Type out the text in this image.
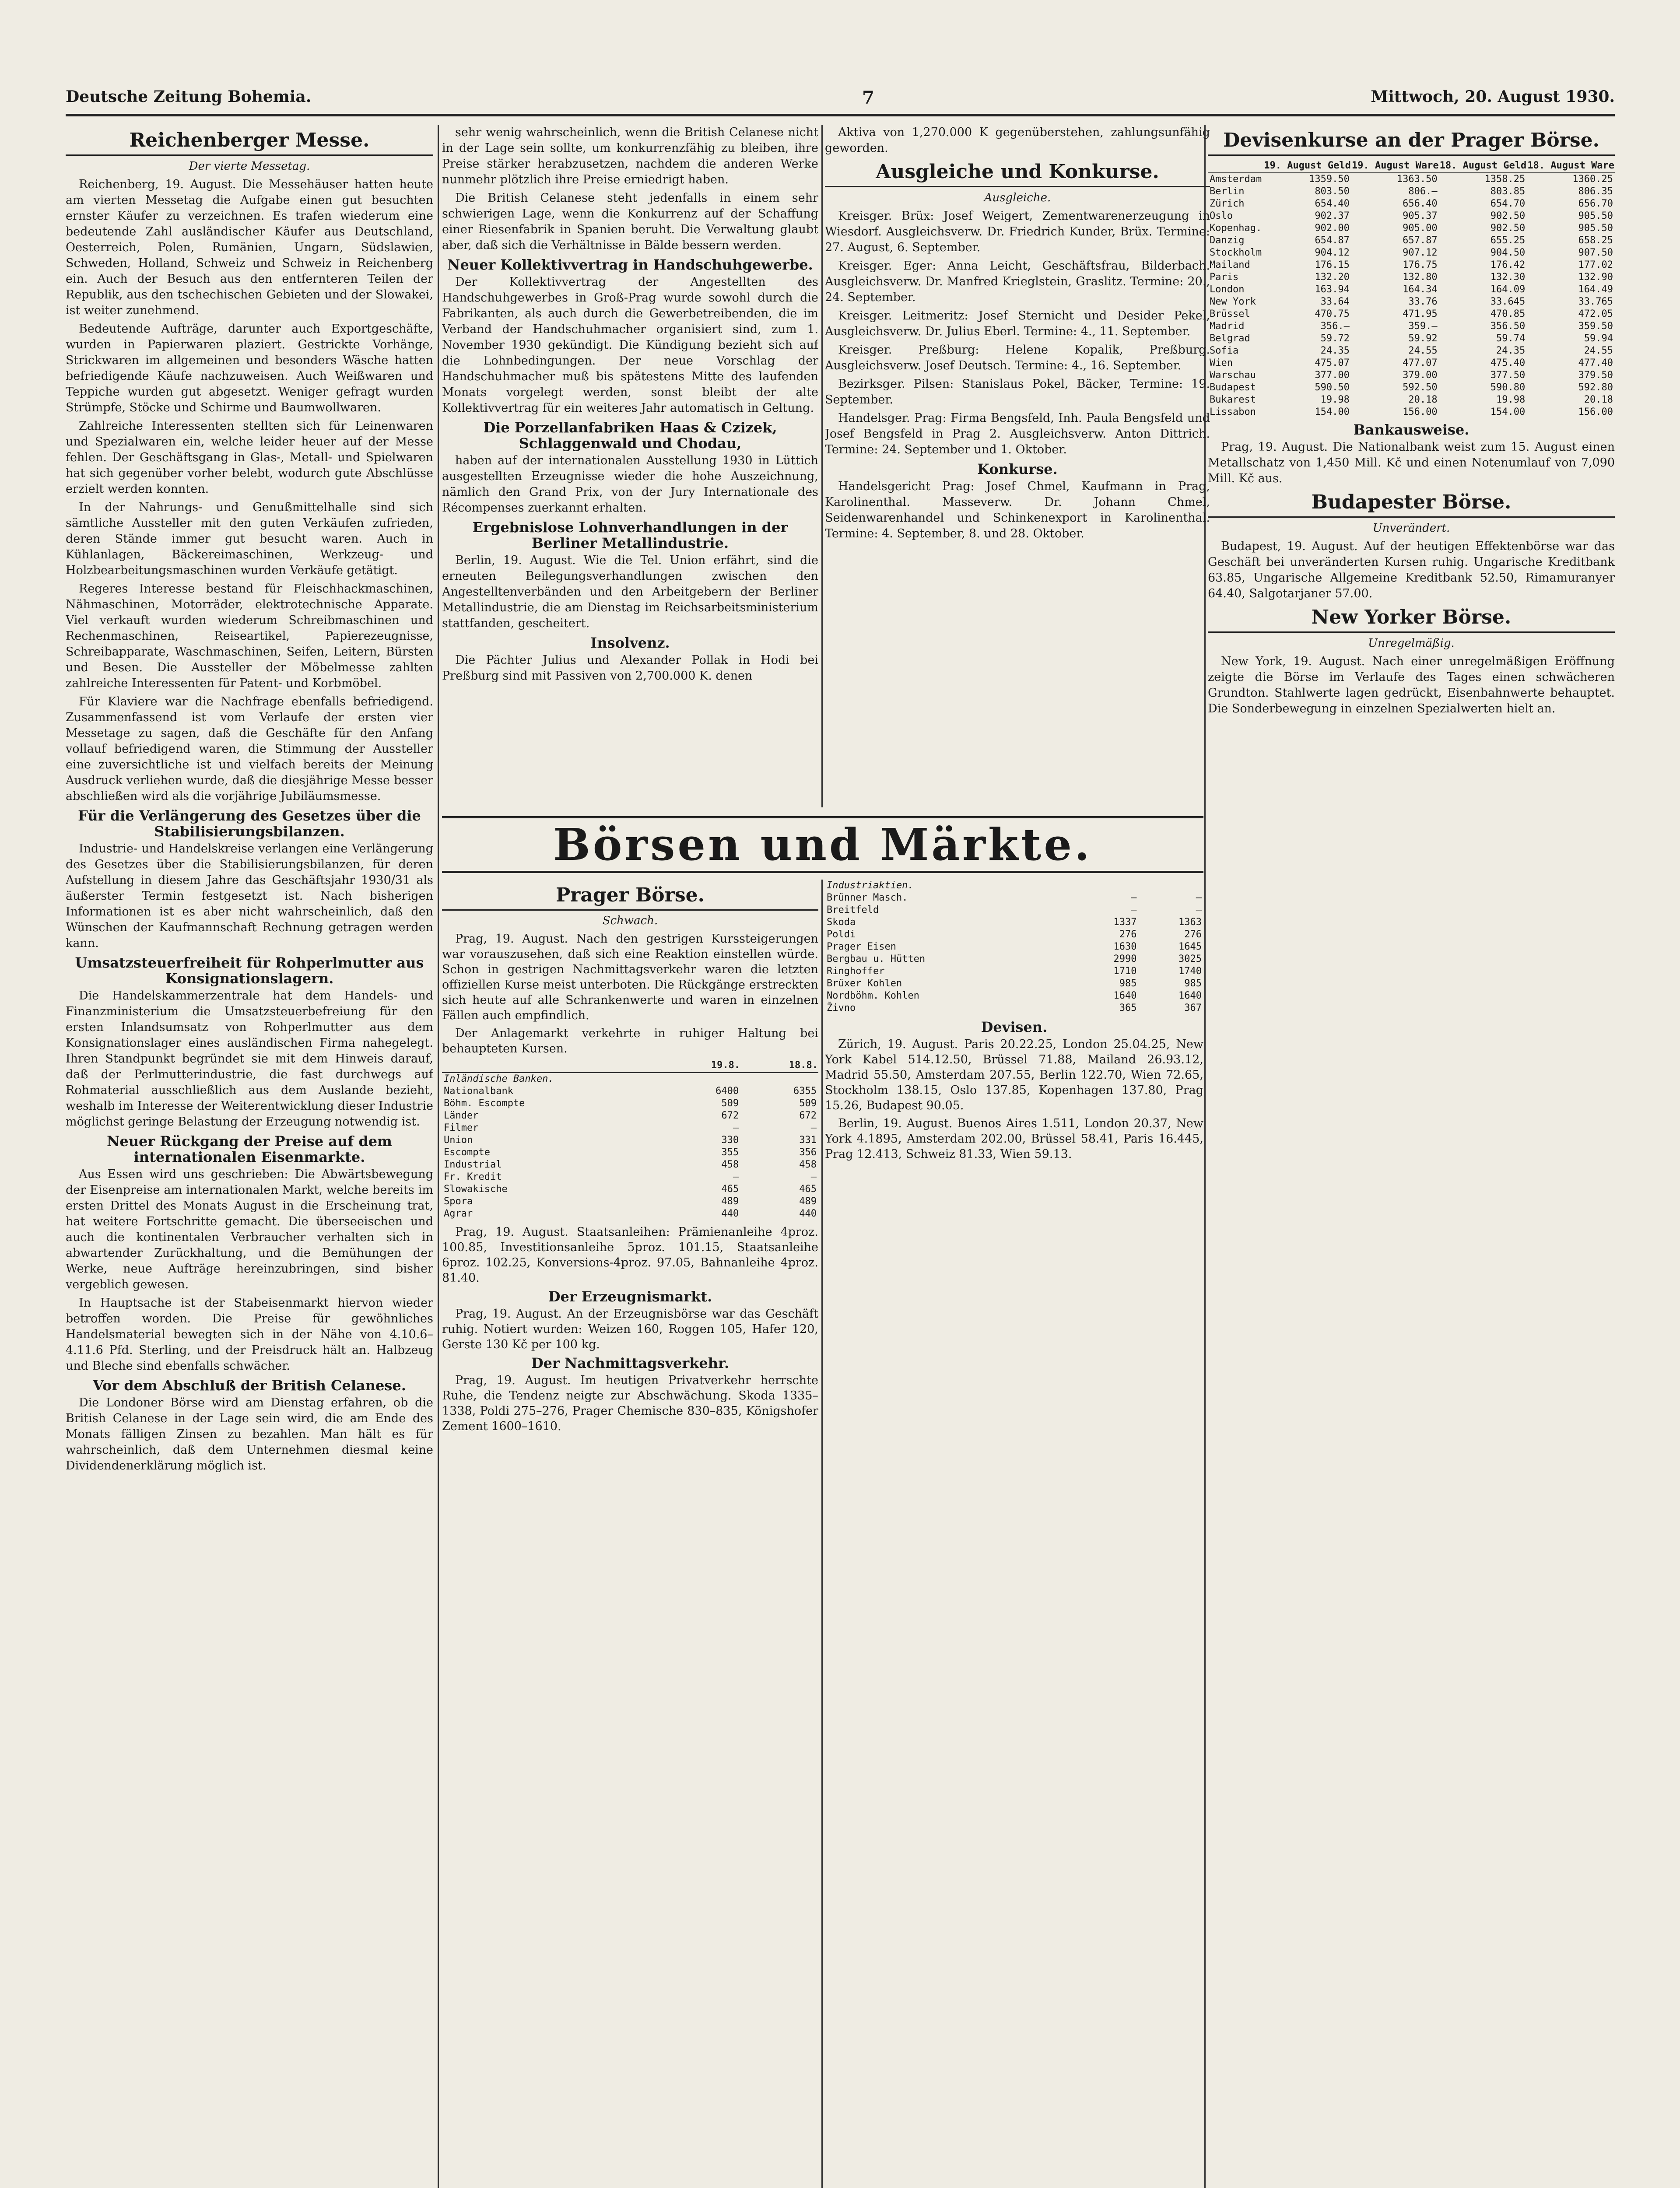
Deutsche Zeitung Bohemia.	7	Mittwoch, 20. August 1930.
Reichenberger Messe.
Der vierte Messetag.

Reichenberg, 19. August. Die Messehäuser hatten heute am vierten Messetag die Aufgabe einen gut besuchten ernster Käufer zu verzeichnen. Es trafen wiederum eine bedeutende Zahl ausländischer Käufer aus Deutschland, Oesterreich, Polen, Rumänien, Ungarn, Südslawien, Schweden, Holland, Schweiz und Schweiz in Reichenberg ein. Auch der Besuch aus den entfernteren Teilen der Republik, aus den tschechischen Gebieten und der Slowakei, ist weiter zunehmend.

Bedeutende Aufträge, darunter auch Exportgeschäfte, wurden in Papierwaren plaziert. Gestrickte Vorhänge, Strickwaren im allgemeinen und besonders Wäsche hatten befriedigende Käufe nachzuweisen. Auch Weißwaren und Teppiche wurden gut abgesetzt. Weniger gefragt wurden Strümpfe, Stöcke und Schirme und Baumwollwaren.

Zahlreiche Interessenten stellten sich für Leinenwaren und Spezialwaren ein, welche leider heuer auf der Messe fehlen. Der Geschäftsgang in Glas-, Metall- und Spielwaren hat sich gegenüber vorher belebt, wodurch gute Abschlüsse erzielt werden konnten.

In der Nahrungs- und Genußmittelhalle sind sich sämtliche Aussteller mit den guten Verkäufen zufrieden, deren Stände immer gut besucht waren. Auch in Kühlanlagen, Bäckereimaschinen, Werkzeug- und Holzbearbeitungsmaschinen wurden Verkäufe getätigt.

Regeres Interesse bestand für Fleischhackmaschinen, Nähmaschinen, Motorräder, elektrotechnische Apparate. Viel verkauft wurden wiederum Schreibmaschinen und Rechenmaschinen, Reiseartikel, Papierezeugnisse, Schreibapparate, Waschmaschinen, Seifen, Leitern, Bürsten und Besen. Die Aussteller der Möbelmesse zahlten zahlreiche Interessenten für Patent- und Korbmöbel.

Für Klaviere war die Nachfrage ebenfalls befriedigend. Zusammenfassend ist vom Verlaufe der ersten vier Messetage zu sagen, daß die Geschäfte für den Anfang vollauf befriedigend waren, die Stimmung der Aussteller eine zuversichtliche ist und vielfach bereits der Meinung Ausdruck verliehen wurde, daß die diesjährige Messe besser abschließen wird als die vorjährige Jubiläumsmesse.

Für die Verlängerung des Gesetzes über die Stabilisierungsbilanzen.

Industrie- und Handelskreise verlangen eine Verlängerung des Gesetzes über die Stabilisierungsbilanzen, für deren Aufstellung in diesem Jahre das Geschäftsjahr 1930/31 als äußerster Termin festgesetzt ist. Nach bisherigen Informationen ist es aber nicht wahrscheinlich, daß den Wünschen der Kaufmannschaft Rechnung getragen werden kann.

Umsatzsteuerfreiheit für Rohperlmutter aus Konsignationslagern.

Die Handelskammerzentrale hat dem Handels- und Finanzministerium die Umsatzsteuerbefreiung für den ersten Inlandsumsatz von Rohperlmutter aus dem Konsignationslager eines ausländischen Firma nahegelegt. Ihren Standpunkt begründet sie mit dem Hinweis darauf, daß der Perlmutterindustrie, die fast durchwegs auf Rohmaterial ausschließlich aus dem Auslande bezieht, weshalb im Interesse der Weiterentwicklung dieser Industrie möglichst geringe Belastung der Erzeugung notwendig ist.

Neuer Rückgang der Preise auf dem internationalen Eisenmarkte.

Aus Essen wird uns geschrieben: Die Abwärtsbewegung der Eisenpreise am internationalen Markt, welche bereits im ersten Drittel des Monats August in die Erscheinung trat, hat weitere Fortschritte gemacht. Die überseeischen und auch die kontinentalen Verbraucher verhalten sich in abwartender Zurückhaltung, und die Bemühungen der Werke, neue Aufträge hereinzubringen, sind bisher vergeblich gewesen.

In Hauptsache ist der Stabeisenmarkt hiervon wieder betroffen worden. Die Preise für gewöhnliches Handelsmaterial bewegten sich in der Nähe von 4.10.6–4.11.6 Pfd. Sterling, und der Preisdruck hält an. Halbzeug und Bleche sind ebenfalls schwächer.

Vor dem Abschluß der British Celanese.

Die Londoner Börse wird am Dienstag erfahren, ob die British Celanese in der Lage sein wird, die am Ende des Monats fälligen Zinsen zu bezahlen. Man hält es für wahrscheinlich, daß dem Unternehmen diesmal keine Dividendenerklärung möglich ist.

sehr wenig wahrscheinlich, wenn die British Celanese nicht in der Lage sein sollte, um konkurrenzfähig zu bleiben, ihre Preise stärker herabzusetzen, nachdem die anderen Werke nunmehr plötzlich ihre Preise erniedrigt haben.

Die British Celanese steht jedenfalls in einem sehr schwierigen Lage, wenn die Konkurrenz auf der Schaffung einer Riesenfabrik in Spanien beruht. Die Verwaltung glaubt aber, daß sich die Verhältnisse in Bälde bessern werden.

Neuer Kollektivvertrag in Handschuhgewerbe.

Der Kollektivvertrag der Angestellten des Handschuhgewerbes in Groß-Prag wurde sowohl durch die Fabrikanten, als auch durch die Gewerbetreibenden, die im Verband der Handschuhmacher organisiert sind, zum 1. November 1930 gekündigt. Die Kündigung bezieht sich auf die Lohnbedingungen. Der neue Vorschlag der Handschuhmacher muß bis spätestens Mitte des laufenden Monats vorgelegt werden, sonst bleibt der alte Kollektivvertrag für ein weiteres Jahr automatisch in Geltung.

Die Porzellanfabriken Haas & Czizek, Schlaggenwald und Chodau,

haben auf der internationalen Ausstellung 1930 in Lüttich ausgestellten Erzeugnisse wieder die hohe Auszeichnung, nämlich den Grand Prix, von der Jury Internationale des Récompenses zuerkannt erhalten.

Ergebnislose Lohnverhandlungen in der Berliner Metallindustrie.

Berlin, 19. August. Wie die Tel. Union erfährt, sind die erneuten Beilegungsverhandlungen zwischen den Angestelltenverbänden und den Arbeitgebern der Berliner Metallindustrie, die am Dienstag im Reichsarbeitsministerium stattfanden, gescheitert.

Insolvenz.

Die Pächter Julius und Alexander Pollak in Hodi bei Preßburg sind mit Passiven von 2,700.000 K. denen

Aktiva von 1,270.000 K gegenüberstehen, zahlungsunfähig geworden.

Ausgleiche und Konkurse.
Ausgleiche.

Kreisger. Brüx: Josef Weigert, Zementwarenerzeugung in Wiesdorf. Ausgleichsverw. Dr. Friedrich Kunder, Brüx. Termine: 27. August, 6. September.

Kreisger. Eger: Anna Leicht, Geschäftsfrau, Bilderbach. Ausgleichsverw. Dr. Manfred Krieglstein, Graslitz. Termine: 20., 24. September.

Kreisger. Leitmeritz: Josef Sternicht und Desider Pekel, Ausgleichsverw. Dr. Julius Eberl. Termine: 4., 11. September.

Kreisger. Preßburg: Helene Kopalik, Preßburg. Ausgleichsverw. Josef Deutsch. Termine: 4., 16. September.

Bezirksger. Pilsen: Stanislaus Pokel, Bäcker, Termine: 19. September.

Handelsger. Prag: Firma Bengsfeld, Inh. Paula Bengsfeld und Josef Bengsfeld in Prag 2. Ausgleichsverw. Anton Dittrich. Termine: 24. September und 1. Oktober.

Konkurse.

Handelsgericht Prag: Josef Chmel, Kaufmann in Prag, Karolinenthal. Masseverw. Dr. Johann Chmel, Seidenwarenhandel und Schinkenexport in Karolinenthal. Termine: 4. September, 8. und 28. Oktober.

Börsen und Märkte.
Prager Börse.
Schwach.

Prag, 19. August. Nach den gestrigen Kurssteigerungen war vorauszusehen, daß sich eine Reaktion einstellen würde. Schon in gestrigen Nachmittagsverkehr waren die letzten offiziellen Kurse meist unterboten. Die Rückgänge erstreckten sich heute auf alle Schrankenwerte und waren in einzelnen Fällen auch empfindlich.

Der Anlagemarkt verkehrte in ruhiger Haltung bei behaupteten Kursen.

	19.8.	18.8.
Inländische Banken.		
Nationalbank	6400	6355
Böhm. Escompte	509	509
Länder	672	672
Filmer	—	—
Union	330	331
Escompte	355	356
Industrial	458	458
Fr. Kredit	—	—
Slowakische	465	465
Spora	489	489
Agrar	440	440

Prag, 19. August. Staatsanleihen: Prämienanleihe 4proz. 100.85, Investitionsanleihe 5proz. 101.15, Staatsanleihe 6proz. 102.25, Konversions-4proz. 97.05, Bahnanleihe 4proz. 81.40.

Der Erzeugnismarkt.

Prag, 19. August. An der Erzeugnisbörse war das Geschäft ruhig. Notiert wurden: Weizen 160, Roggen 105, Hafer 120, Gerste 130 Kč per 100 kg.

Der Nachmittagsverkehr.

Prag, 19. August. Im heutigen Privatverkehr herrschte Ruhe, die Tendenz neigte zur Abschwächung. Skoda 1335–1338, Poldi 275–276, Prager Chemische 830–835, Königshofer Zement 1600–1610.

Industriaktien.		
Brünner Masch.	—	—
Breitfeld	—	—
Skoda	1337	1363
Poldi	276	276
Prager Eisen	1630	1645
Bergbau u. Hütten	2990	3025
Ringhoffer	1710	1740
Brüxer Kohlen	985	985
Nordböhm. Kohlen	1640	1640
Živno	365	367
Devisen.

Zürich, 19. August. Paris 20.22.25, London 25.04.25, New York Kabel 514.12.50, Brüssel 71.88, Mailand 26.93.12, Madrid 55.50, Amsterdam 207.55, Berlin 122.70, Wien 72.65, Stockholm 138.15, Oslo 137.85, Kopenhagen 137.80, Prag 15.26, Budapest 90.05.

Berlin, 19. August. Buenos Aires 1.511, London 20.37, New York 4.1895, Amsterdam 202.00, Brüssel 58.41, Paris 16.445, Prag 12.413, Schweiz 81.33, Wien 59.13.

Devisenkurse an der Prager Börse.
	19. August Geld	19. August Ware	18. August Geld	18. August Ware
Amsterdam	1359.50	1363.50	1358.25	1360.25
Berlin	803.50	806.—	803.85	806.35
Zürich	654.40	656.40	654.70	656.70
Oslo	902.37	905.37	902.50	905.50
Kopenhag.	902.00	905.00	902.50	905.50
Danzig	654.87	657.87	655.25	658.25
Stockholm	904.12	907.12	904.50	907.50
Mailand	176.15	176.75	176.42	177.02
Paris	132.20	132.80	132.30	132.90
London	163.94	164.34	164.09	164.49
New York	33.64	33.76	33.645	33.765
Brüssel	470.75	471.95	470.85	472.05
Madrid	356.—	359.—	356.50	359.50
Belgrad	59.72	59.92	59.74	59.94
Sofia	24.35	24.55	24.35	24.55
Wien	475.07	477.07	475.40	477.40
Warschau	377.00	379.00	377.50	379.50
Budapest	590.50	592.50	590.80	592.80
Bukarest	19.98	20.18	19.98	20.18
Lissabon	154.00	156.00	154.00	156.00
Bankausweise.

Prag, 19. August. Die Nationalbank weist zum 15. August einen Metallschatz von 1,450 Mill. Kč und einen Notenumlauf von 7,090 Mill. Kč aus.

Budapester Börse.
Unverändert.

Budapest, 19. August. Auf der heutigen Effektenbörse war das Geschäft bei unveränderten Kursen ruhig. Ungarische Kreditbank 63.85, Ungarische Allgemeine Kreditbank 52.50, Rimamuranyer 64.40, Salgotarjaner 57.00.

New Yorker Börse.
Unregelmäßig.

New York, 19. August. Nach einer unregelmäßigen Eröffnung zeigte die Börse im Verlaufe des Tages einen schwächeren Grundton. Stahlwerte lagen gedrückt, Eisenbahnwerte behauptet. Die Sonderbewegung in einzelnen Spezialwerten hielt an.
